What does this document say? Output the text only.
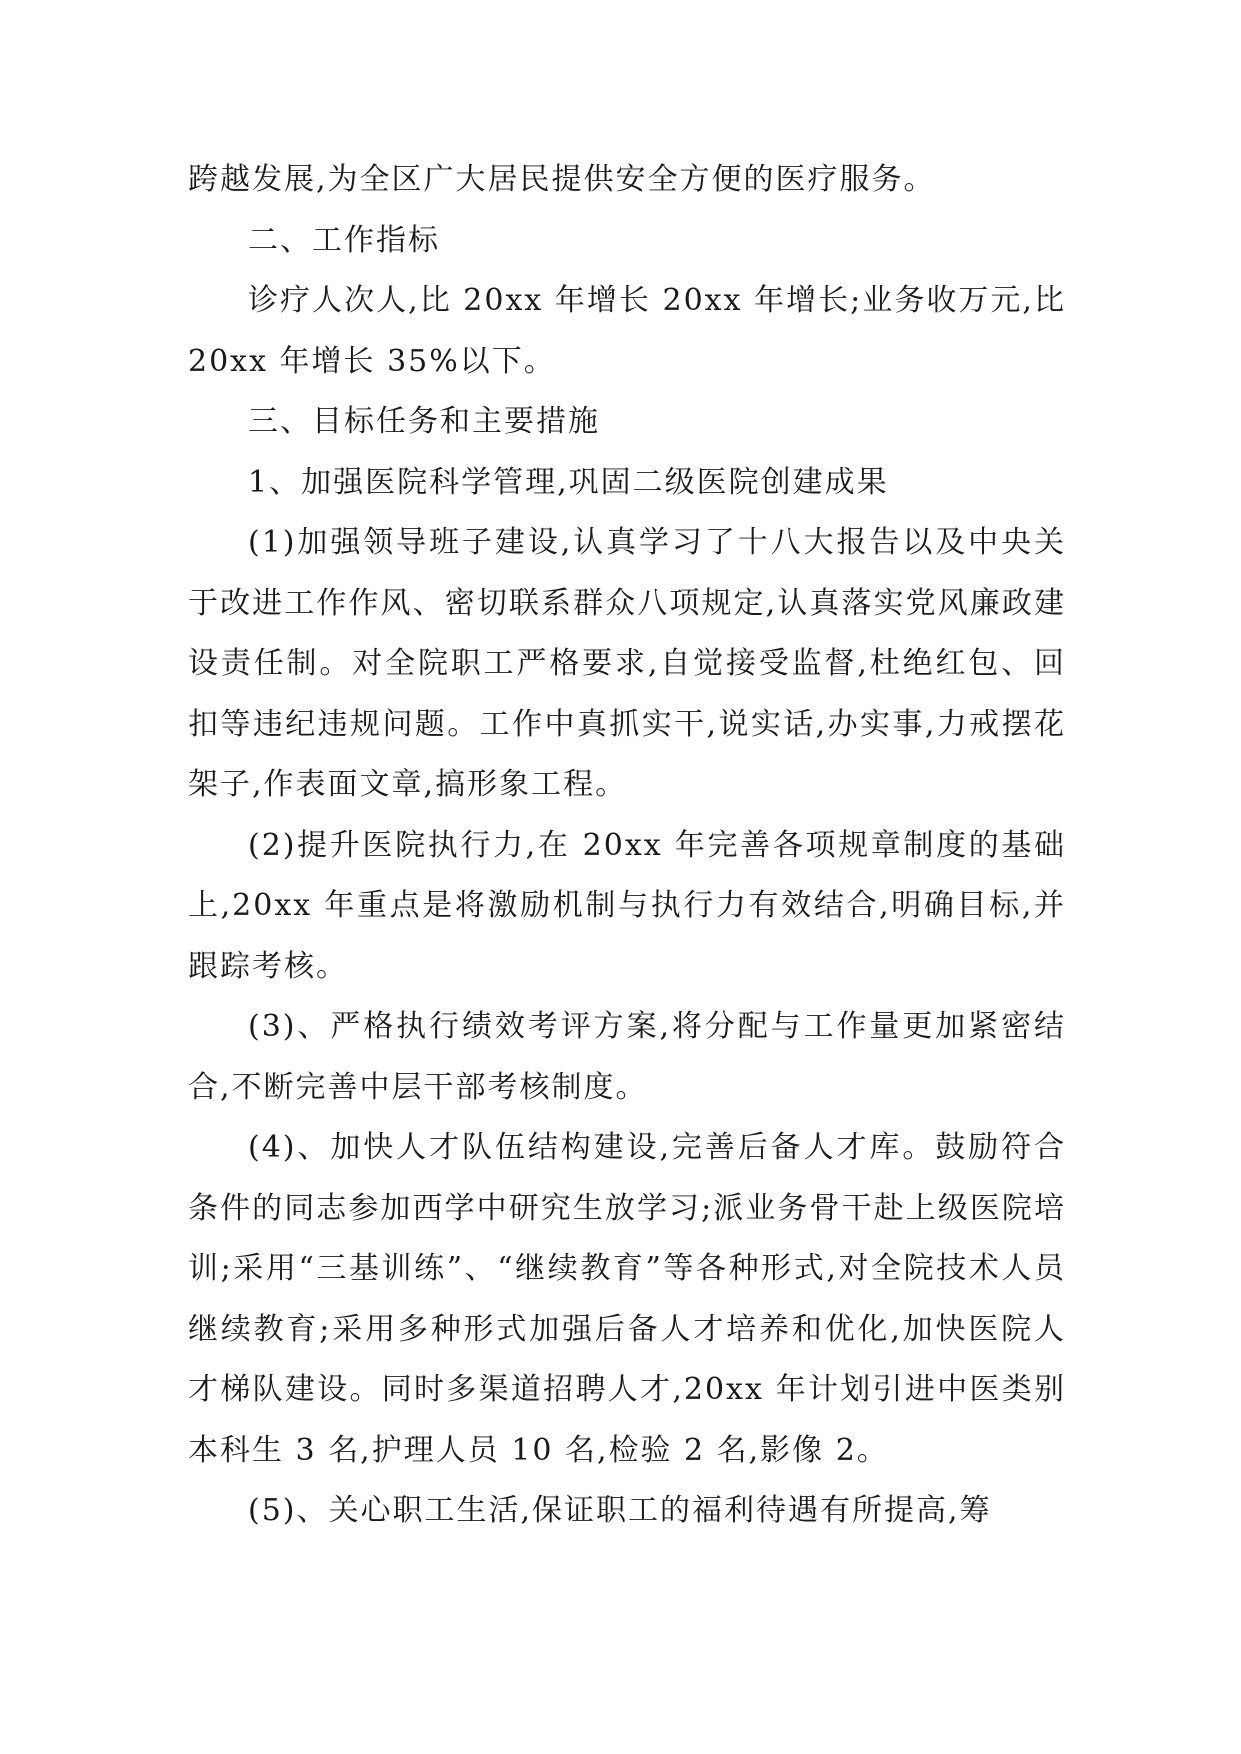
跨越发展,为全区广大居民提供安全方便的医疗服务。

二、工作指标

诊疗人次人,比 20xx 年增长 20xx 年增长;业务收万元,比 20xx 年增长 35%以下。

三、目标任务和主要措施

1、加强医院科学管理,巩固二级医院创建成果

(1)加强领导班子建设,认真学习了十八大报告以及中央关于改进工作作风、密切联系群众八项规定,认真落实党风廉政建设责任制。对全院职工严格要求,自觉接受监督,杜绝红包、回扣等违纪违规问题。工作中真抓实干,说实话,办实事,力戒摆花架子,作表面文章,搞形象工程。

(2)提升医院执行力,在 20xx 年完善各项规章制度的基础上,20xx 年重点是将激励机制与执行力有效结合,明确目标,并跟踪考核。

(3)、严格执行绩效考评方案,将分配与工作量更加紧密结合,不断完善中层干部考核制度。

(4)、加快人才队伍结构建设,完善后备人才库。鼓励符合条件的同志参加西学中研究生放学习;派业务骨干赴上级医院培训;采用“三基训练”、“继续教育”等各种形式,对全院技术人员继续教育;采用多种形式加强后备人才培养和优化,加快医院人才梯队建设。同时多渠道招聘人才,20xx 年计划引进中医类别本科生 3 名,护理人员 10 名,检验 2 名,影像 2。

(5)、关心职工生活,保证职工的福利待遇有所提高,筹
